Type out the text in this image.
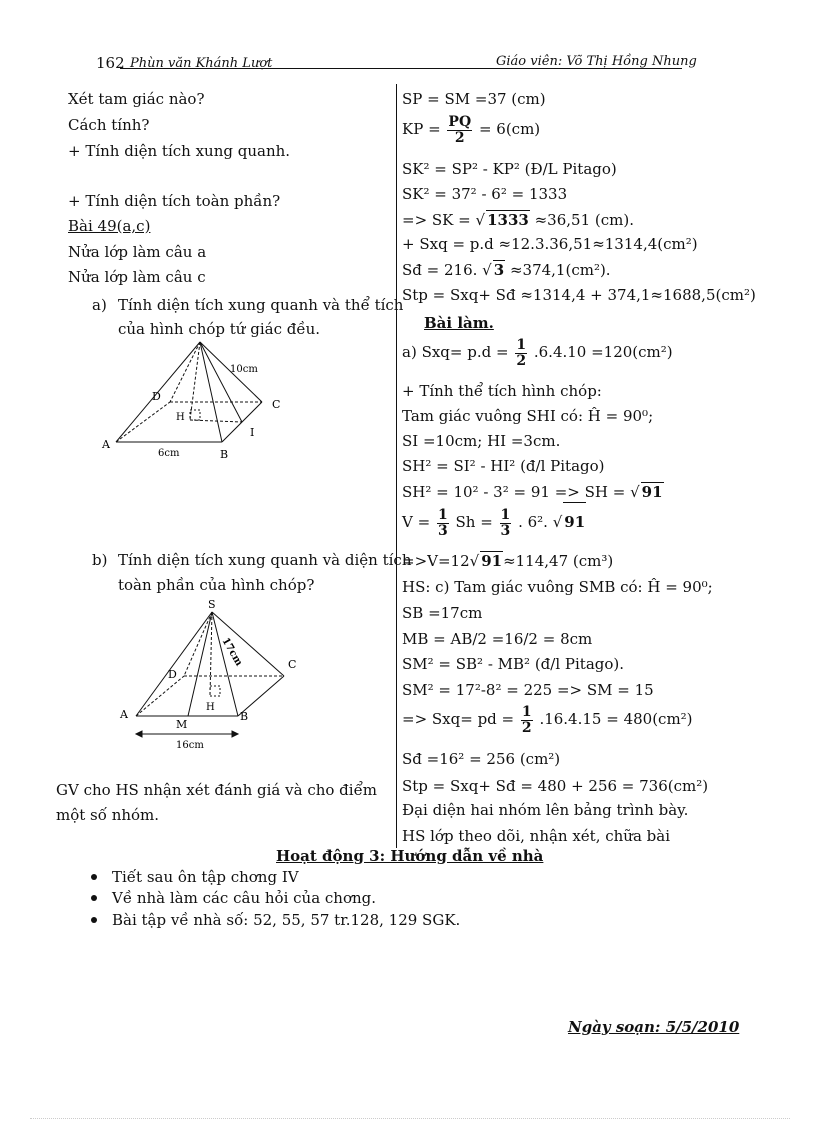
162 Phùn văn Khánh Lượt	Giáo viên: Võ Thị Hồng Nhung
Xét tam giác nào?
Cách tính?
+ Tính diện tích xung quanh.
+ Tính diện tích toàn phần?
Bài 49(a,c)
Nửa lớp làm câu a
Nửa lớp làm câu c
a) Tính diện tích xung quanh và thể tích
của hình chóp tứ giác đều.
A
B
C
D
H
I
10cm
6cm
b) Tính diện tích xung quanh và diện tích
toàn phần của hình chóp?
S
A	B
C
D
H
M
17cm
16cm
GV cho HS nhận xét đánh giá và cho điểm
một số nhóm.
SP = SM =37 (cm)
KP = $\frac{PQ}{2} = 6(cm)$
SK² = SP² - KP² (Đ/L Pitago)
SK² = 37² - 6² = 1333
=> SK = √ 1333 ≈36,51 (cm).
+ Sxq = p.d ≈12.3.36,51≈1314,4(cm²)
Sđ = 216. √ 3 ≈374,1(cm²).
Stp = Sxq+ Sđ ≈1314,4 + 374,1≈1688,5(cm²)
Bài làm.
a) $Sxq= p.d = \frac{1}{2} .6.4.10 =120(cm^2)$
+ Tính thể tích hình chóp:
Tam giác vuông SHI có: Ĥ = 90⁰;
SI =10cm; HI =3cm.
SH² = SI² - HI² (đ/l Pitago)
SH² = 10² - 3² = 91 => SH = √ 91
$V = \frac{1}{3}$ $Sh = \frac{1}{3}$ . 6². √ 91
=>V=12√ 91≈114,47 (cm³)
HS: c) Tam giác vuông SMB có: Ĥ = 90⁰;
SB =17cm
MB = AB/2 =16/2 = 8cm
SM² = SB² - MB² (đ/l Pitago).
SM² = 17²-8² = 225 => SM = 15
=> Sxq= pd = $\frac{1}{2} .16.4.15 = 480(cm^2)$
Sđ =16² = 256 (cm²)
Stp = Sxq+ Sđ = 480 + 256 = 736(cm²)
Đại diện hai nhóm lên bảng trình bày.
HS lớp theo dõi, nhận xét, chữa bài
Hoạt động 3: Hướng dẫn về nhà
Tiết sau ôn tập chơng IV
Về nhà làm các câu hỏi của chơng.
Bài tập về nhà số: 52, 55, 57 tr.128, 129 SGK.
Ngày soạn: 5/5/2010
